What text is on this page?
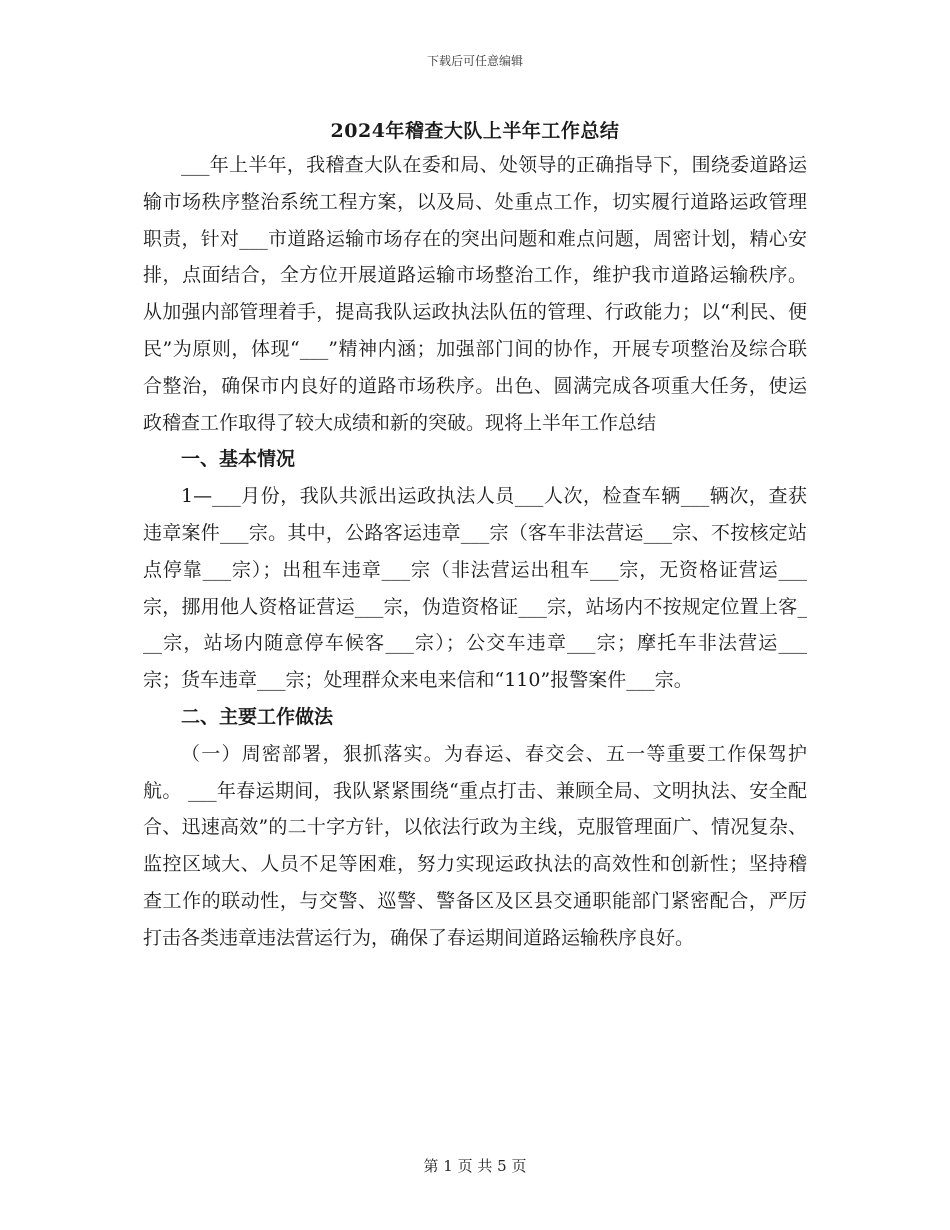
下载后可任意编辑
2024年稽查大队上半年工作总结

___年上半年，我稽查大队在委和局、处领导的正确指导下，围绕委道路运输市场秩序整治系统工程方案，以及局、处重点工作，切实履行道路运政管理职责，针对___市道路运输市场存在的突出问题和难点问题，周密计划，精心安排，点面结合，全方位开展道路运输市场整治工作，维护我市道路运输秩序。从加强内部管理着手，提高我队运政执法队伍的管理、行政能力；以“利民、便民”为原则，体现“___”精神内涵；加强部门间的协作，开展专项整治及综合联合整治，确保市内良好的道路市场秩序。出色、圆满完成各项重大任务，使运政稽查工作取得了较大成绩和新的突破。现将上半年工作总结

一、基本情况

1—___月份，我队共派出运政执法人员___人次，检查车辆___辆次，查获违章案件___宗。其中，公路客运违章___宗（客车非法营运___宗、不按核定站点停靠___宗）；出租车违章___宗（非法营运出租车___宗，无资格证营运___宗，挪用他人资格证营运___宗，伪造资格证___宗，站场内不按规定位置上客___宗，站场内随意停车候客___宗）；公交车违章___宗；摩托车非法营运___宗；货车违章___宗；处理群众来电来信和“110”报警案件___宗。

二、主要工作做法

（一）周密部署，狠抓落实。为春运、春交会、五一等重要工作保驾护航。 ___年春运期间，我队紧紧围绕“重点打击、兼顾全局、文明执法、安全配合、迅速高效”的二十字方针，以依法行政为主线，克服管理面广、情况复杂、监控区域大、人员不足等困难，努力实现运政执法的高效性和创新性；坚持稽查工作的联动性，与交警、巡警、警备区及区县交通职能部门紧密配合，严厉打击各类违章违法营运行为，确保了春运期间道路运输秩序良好。

第 1 页 共 5 页
